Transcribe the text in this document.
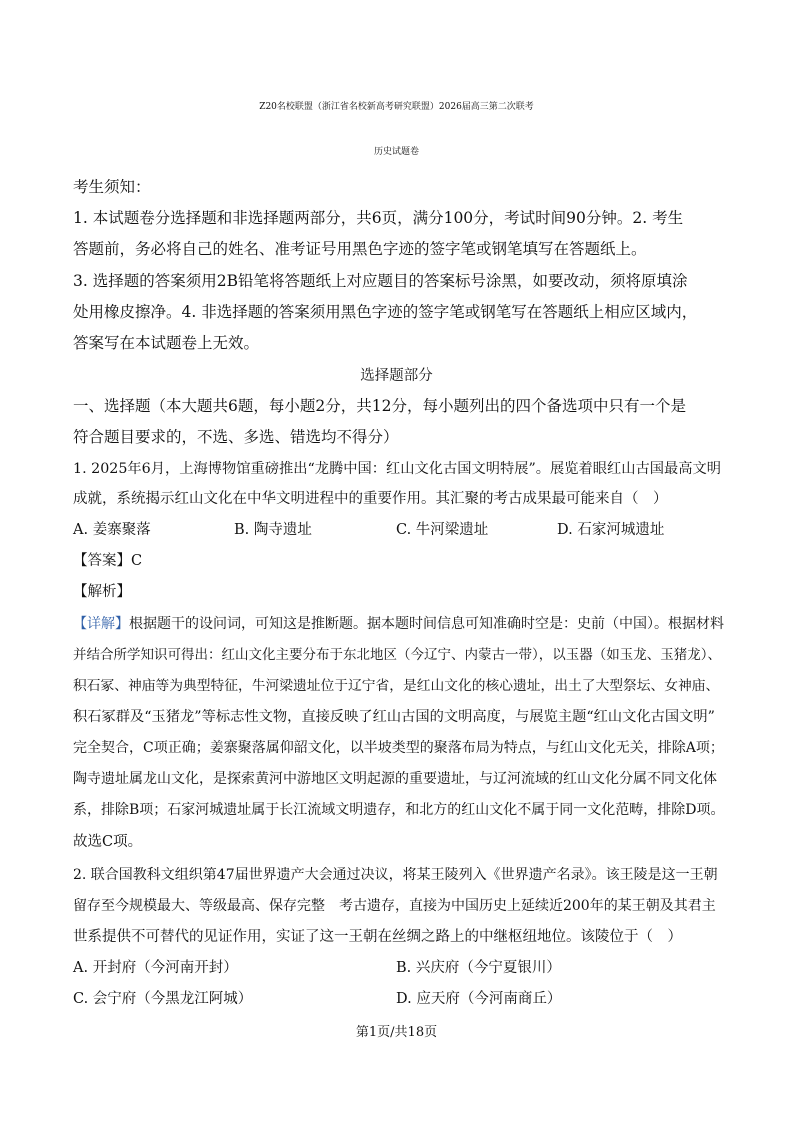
Z20名校联盟（浙江省名校新高考研究联盟）2026届高三第二次联考
历史试题卷
考生须知：
1. 本试题卷分选择题和非选择题两部分，共6页，满分100分，考试时间90分钟。2. 考生
答题前，务必将自己的姓名、准考证号用黑色字迹的签字笔或钢笔填写在答题纸上。
3. 选择题的答案须用2B铅笔将答题纸上对应题目的答案标号涂黑，如要改动，须将原填涂
处用橡皮擦净。4. 非选择题的答案须用黑色字迹的签字笔或钢笔写在答题纸上相应区域内，
答案写在本试题卷上无效。
选择题部分
一、选择题（本大题共6题，每小题2分，共12分，每小题列出的四个备选项中只有一个是
符合题目要求的，不选、多选、错选均不得分）
1. 2025年6月，上海博物馆重磅推出“龙腾中国：红山文化古国文明特展”。展览着眼红山古国最高文明
成就，系统揭示红山文化在中华文明进程中的重要作用。其汇聚的考古成果最可能来自（　）
A. 姜寨聚落	B. 陶寺遗址	C. 牛河梁遗址	D. 石家河城遗址
【答案】C
【解析】
【详解】根据题干的设问词，可知这是推断题。据本题时间信息可知准确时空是：史前（中国）。根据材料
并结合所学知识可得出：红山文化主要分布于东北地区（今辽宁、内蒙古一带），以玉器（如玉龙、玉猪龙）、
积石冢、神庙等为典型特征，牛河梁遗址位于辽宁省，是红山文化的核心遗址，出土了大型祭坛、女神庙、
积石冢群及“玉猪龙”等标志性文物，直接反映了红山古国的文明高度，与展览主题“红山文化古国文明”
完全契合，C项正确；姜寨聚落属仰韶文化，以半坡类型的聚落布局为特点，与红山文化无关，排除A项；
陶寺遗址属龙山文化，是探索黄河中游地区文明起源的重要遗址，与辽河流域的红山文化分属不同文化体
系，排除B项；石家河城遗址属于长江流域文明遗存，和北方的红山文化不属于同一文化范畴，排除D项。
故选C项。
2. 联合国教科文组织第47届世界遗产大会通过决议，将某王陵列入《世界遗产名录》。该王陵是这一王朝
留存至今规模最大、等级最高、保存完整　考古遗存，直接为中国历史上延续近200年的某王朝及其君主
世系提供不可替代的见证作用，实证了这一王朝在丝绸之路上的中继枢纽地位。该陵位于（　）
A. 开封府（今河南开封）	B. 兴庆府（今宁夏银川）
C. 会宁府（今黑龙江阿城）	D. 应天府（今河南商丘）
第1页/共18页
